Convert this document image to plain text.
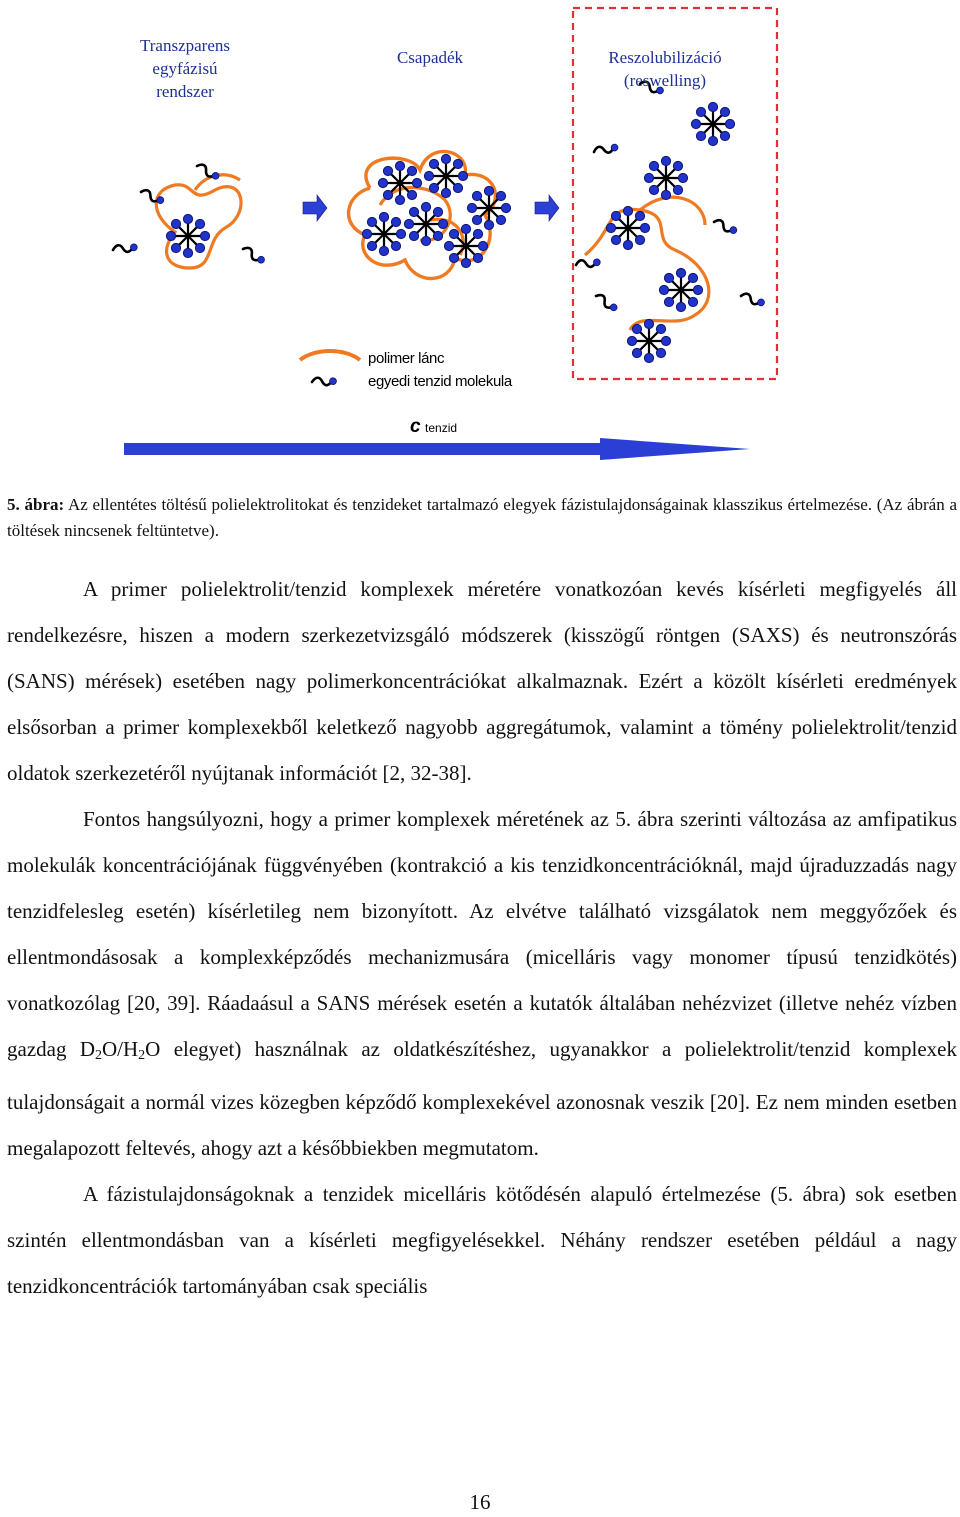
Transzparens
egyfázisú
rendszer
Csapadék	Reszolubilizáció
(reswelling)
polimer lánc
egyedi tenzid molekula
c tenzid
5. ábra: Az ellentétes töltésű polielektrolitokat és tenzideket tartalmazó elegyek fázistulajdonságainak klasszikus értelmezése. (Az ábrán a töltések nincsenek feltüntetve).

A primer polielektrolit/tenzid komplexek méretére vonatkozóan kevés kísérleti megfigyelés áll rendelkezésre, hiszen a modern szerkezetvizsgáló módszerek (kisszögű röntgen (SAXS) és neutronszórás (SANS) mérések) esetében nagy polimerkoncentrációkat alkalmaznak. Ezért a közölt kísérleti eredmények elsősorban a primer komplexekből keletkező nagyobb aggregátumok, valamint a tömény polielektrolit/tenzid oldatok szerkezetéről nyújtanak információt [2, 32-38].

Fontos hangsúlyozni, hogy a primer komplexek méretének az 5. ábra szerinti változása az amfipatikus molekulák koncentrációjának függvényében (kontrakció a kis tenzidkoncentrációknál, majd újraduzzadás nagy tenzidfelesleg esetén) kísérletileg nem bizonyított. Az elvétve található vizsgálatok nem meggyőzőek és ellentmondásosak a komplexképződés mechanizmusára (micelláris vagy monomer típusú tenzidkötés) vonatkozólag [20, 39]. Ráadaásul a SANS mérések esetén a kutatók általában nehézvizet (illetve nehéz vízben gazdag $D_2O/H_2O$ elegyet) használnak az oldatkészítéshez, ugyanakkor a polielektrolit/tenzid komplexek tulajdonságait a normál vizes közegben képződő komplexekével azonosnak veszik [20]. Ez nem minden esetben megalapozott feltevés, ahogy azt a későbbiekben megmutatom.

A fázistulajdonságoknak a tenzidek micelláris kötődésén alapuló értelmezése (5. ábra) sok esetben szintén ellentmondásban van a kísérleti megfigyelésekkel. Néhány rendszer esetében például a nagy tenzidkoncentrációk tartományában csak speciális

16
